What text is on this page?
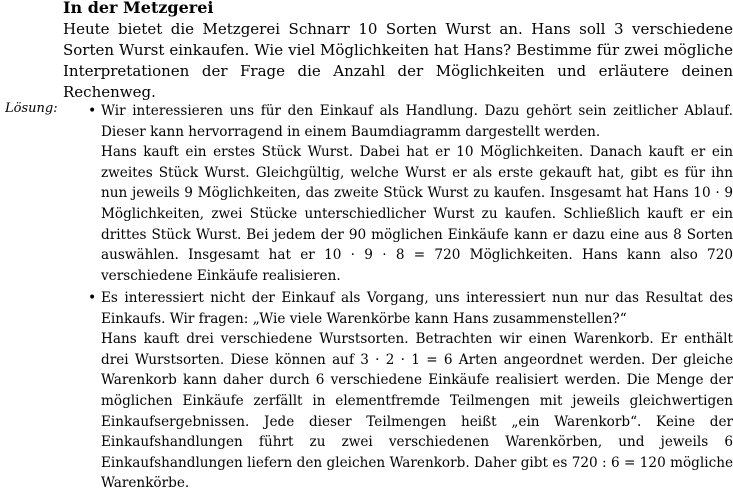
In der Metzgerei
Heute bietet die Metzgerei Schnarr 10 Sorten Wurst an. Hans soll 3 verschiedene Sorten Wurst einkaufen. Wie viel Möglichkeiten hat Hans? Bestimme für zwei mögliche Interpretationen der Frage die Anzahl der Möglichkeiten und erläutere deinen Rechenweg.
Lösung: • Wir interessieren uns für den Einkauf als Handlung. Dazu gehört sein zeitlicher Ablauf. Dieser kann hervorragend in einem Baumdiagramm dargestellt werden.

Hans kauft ein erstes Stück Wurst. Dabei hat er 10 Möglichkeiten. Danach kauft er ein zweites Stück Wurst. Gleichgültig, welche Wurst er als erste gekauft hat, gibt es für ihn nun jeweils 9 Möglichkeiten, das zweite Stück Wurst zu kaufen. Insgesamt hat Hans 10 · 9 Möglichkeiten, zwei Stücke unterschiedlicher Wurst zu kaufen. Schließlich kauft er ein drittes Stück Wurst. Bei jedem der 90 möglichen Einkäufe kann er dazu eine aus 8 Sorten auswählen. Insgesamt hat er 10 · 9 · 8 = 720 Möglichkeiten. Hans kann also 720 verschiedene Einkäufe realisieren.

• Es interessiert nicht der Einkauf als Vorgang, uns interessiert nun nur das Resultat des Einkaufs. Wir fragen: „Wie viele Warenkörbe kann Hans zusammenstellen?“

Hans kauft drei verschiedene Wurstsorten. Betrachten wir einen Warenkorb. Er enthält drei Wurstsorten. Diese können auf 3 · 2 · 1 = 6 Arten angeordnet werden. Der gleiche Warenkorb kann daher durch 6 verschiedene Einkäufe realisiert werden. Die Menge der möglichen Einkäufe zerfällt in elementfremde Teilmengen mit jeweils gleichwertigen Einkaufsergebnissen. Jede dieser Teilmengen heißt „ein Warenkorb“. Keine der Einkaufshandlungen führt zu zwei verschiedenen Warenkörben, und jeweils 6 Einkaufshandlungen liefern den gleichen Warenkorb. Daher gibt es 720 : 6 = 120 mögliche Warenkörbe.
